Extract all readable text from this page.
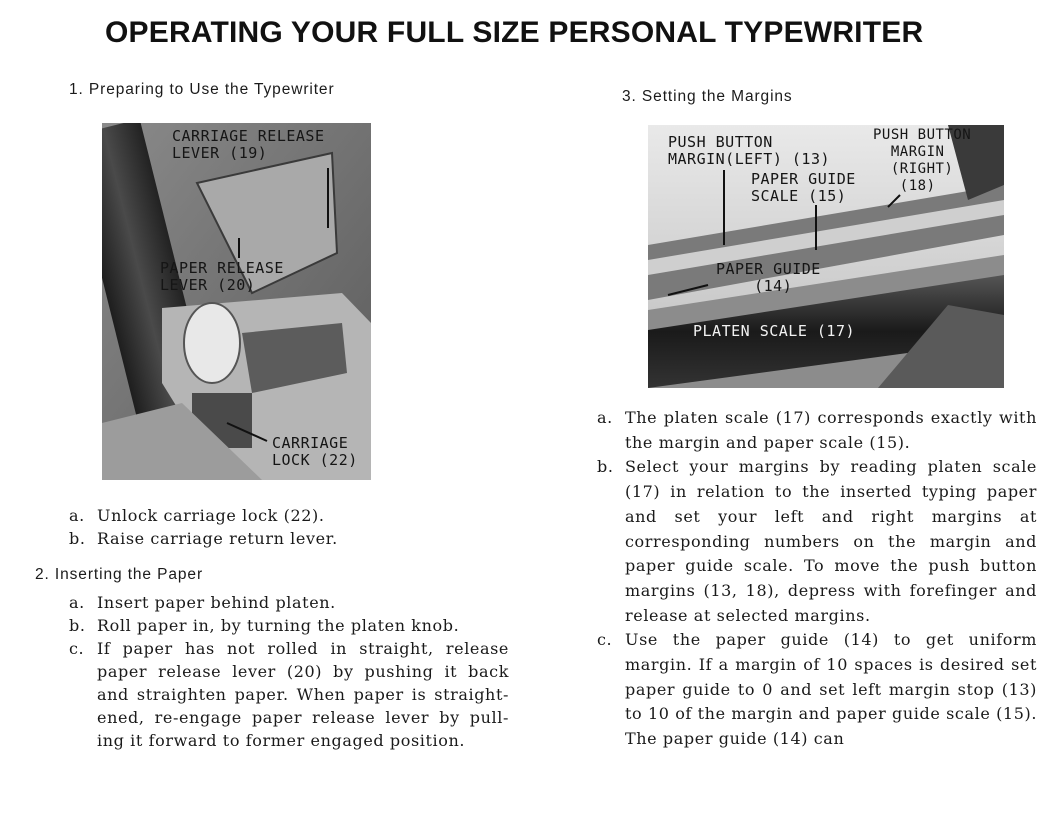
OPERATING YOUR FULL SIZE PERSONAL TYPEWRITER
1. Preparing to Use the Typewriter
CARRIAGE RELEASE
LEVER (19)
PAPER RELEASE
LEVER (20)
CARRIAGE
LOCK (22)
a. Unlock carriage lock (22).
b. Raise carriage return lever.
2. Inserting the Paper
a. Insert paper behind platen.
b. Roll paper in, by turning the platen knob.
c. If paper has not rolled in straight, release paper release lever (20) by pushing it back and straighten paper. When paper is straight-ened, re-engage paper release lever by pull-ing it forward to former engaged position.
3. Setting the Margins
PUSH BUTTON
MARGIN(LEFT) (13)
PUSH BUTTON
MARGIN
(RIGHT)
(18)
PAPER GUIDE
SCALE (15)
PAPER GUIDE
(14)
PLATEN SCALE (17)
a. The platen scale (17) corresponds exactly with the margin and paper scale (15).
b. Select your margins by reading platen scale (17) in relation to the inserted typing paper and set your left and right margins at corresponding numbers on the margin and paper guide scale. To move the push button margins (13, 18), depress with forefinger and release at selected margins.
c. Use the paper guide (14) to get uniform margin. If a margin of 10 spaces is desired set paper guide to 0 and set left margin stop (13) to 10 of the margin and paper guide scale (15). The paper guide (14) can
